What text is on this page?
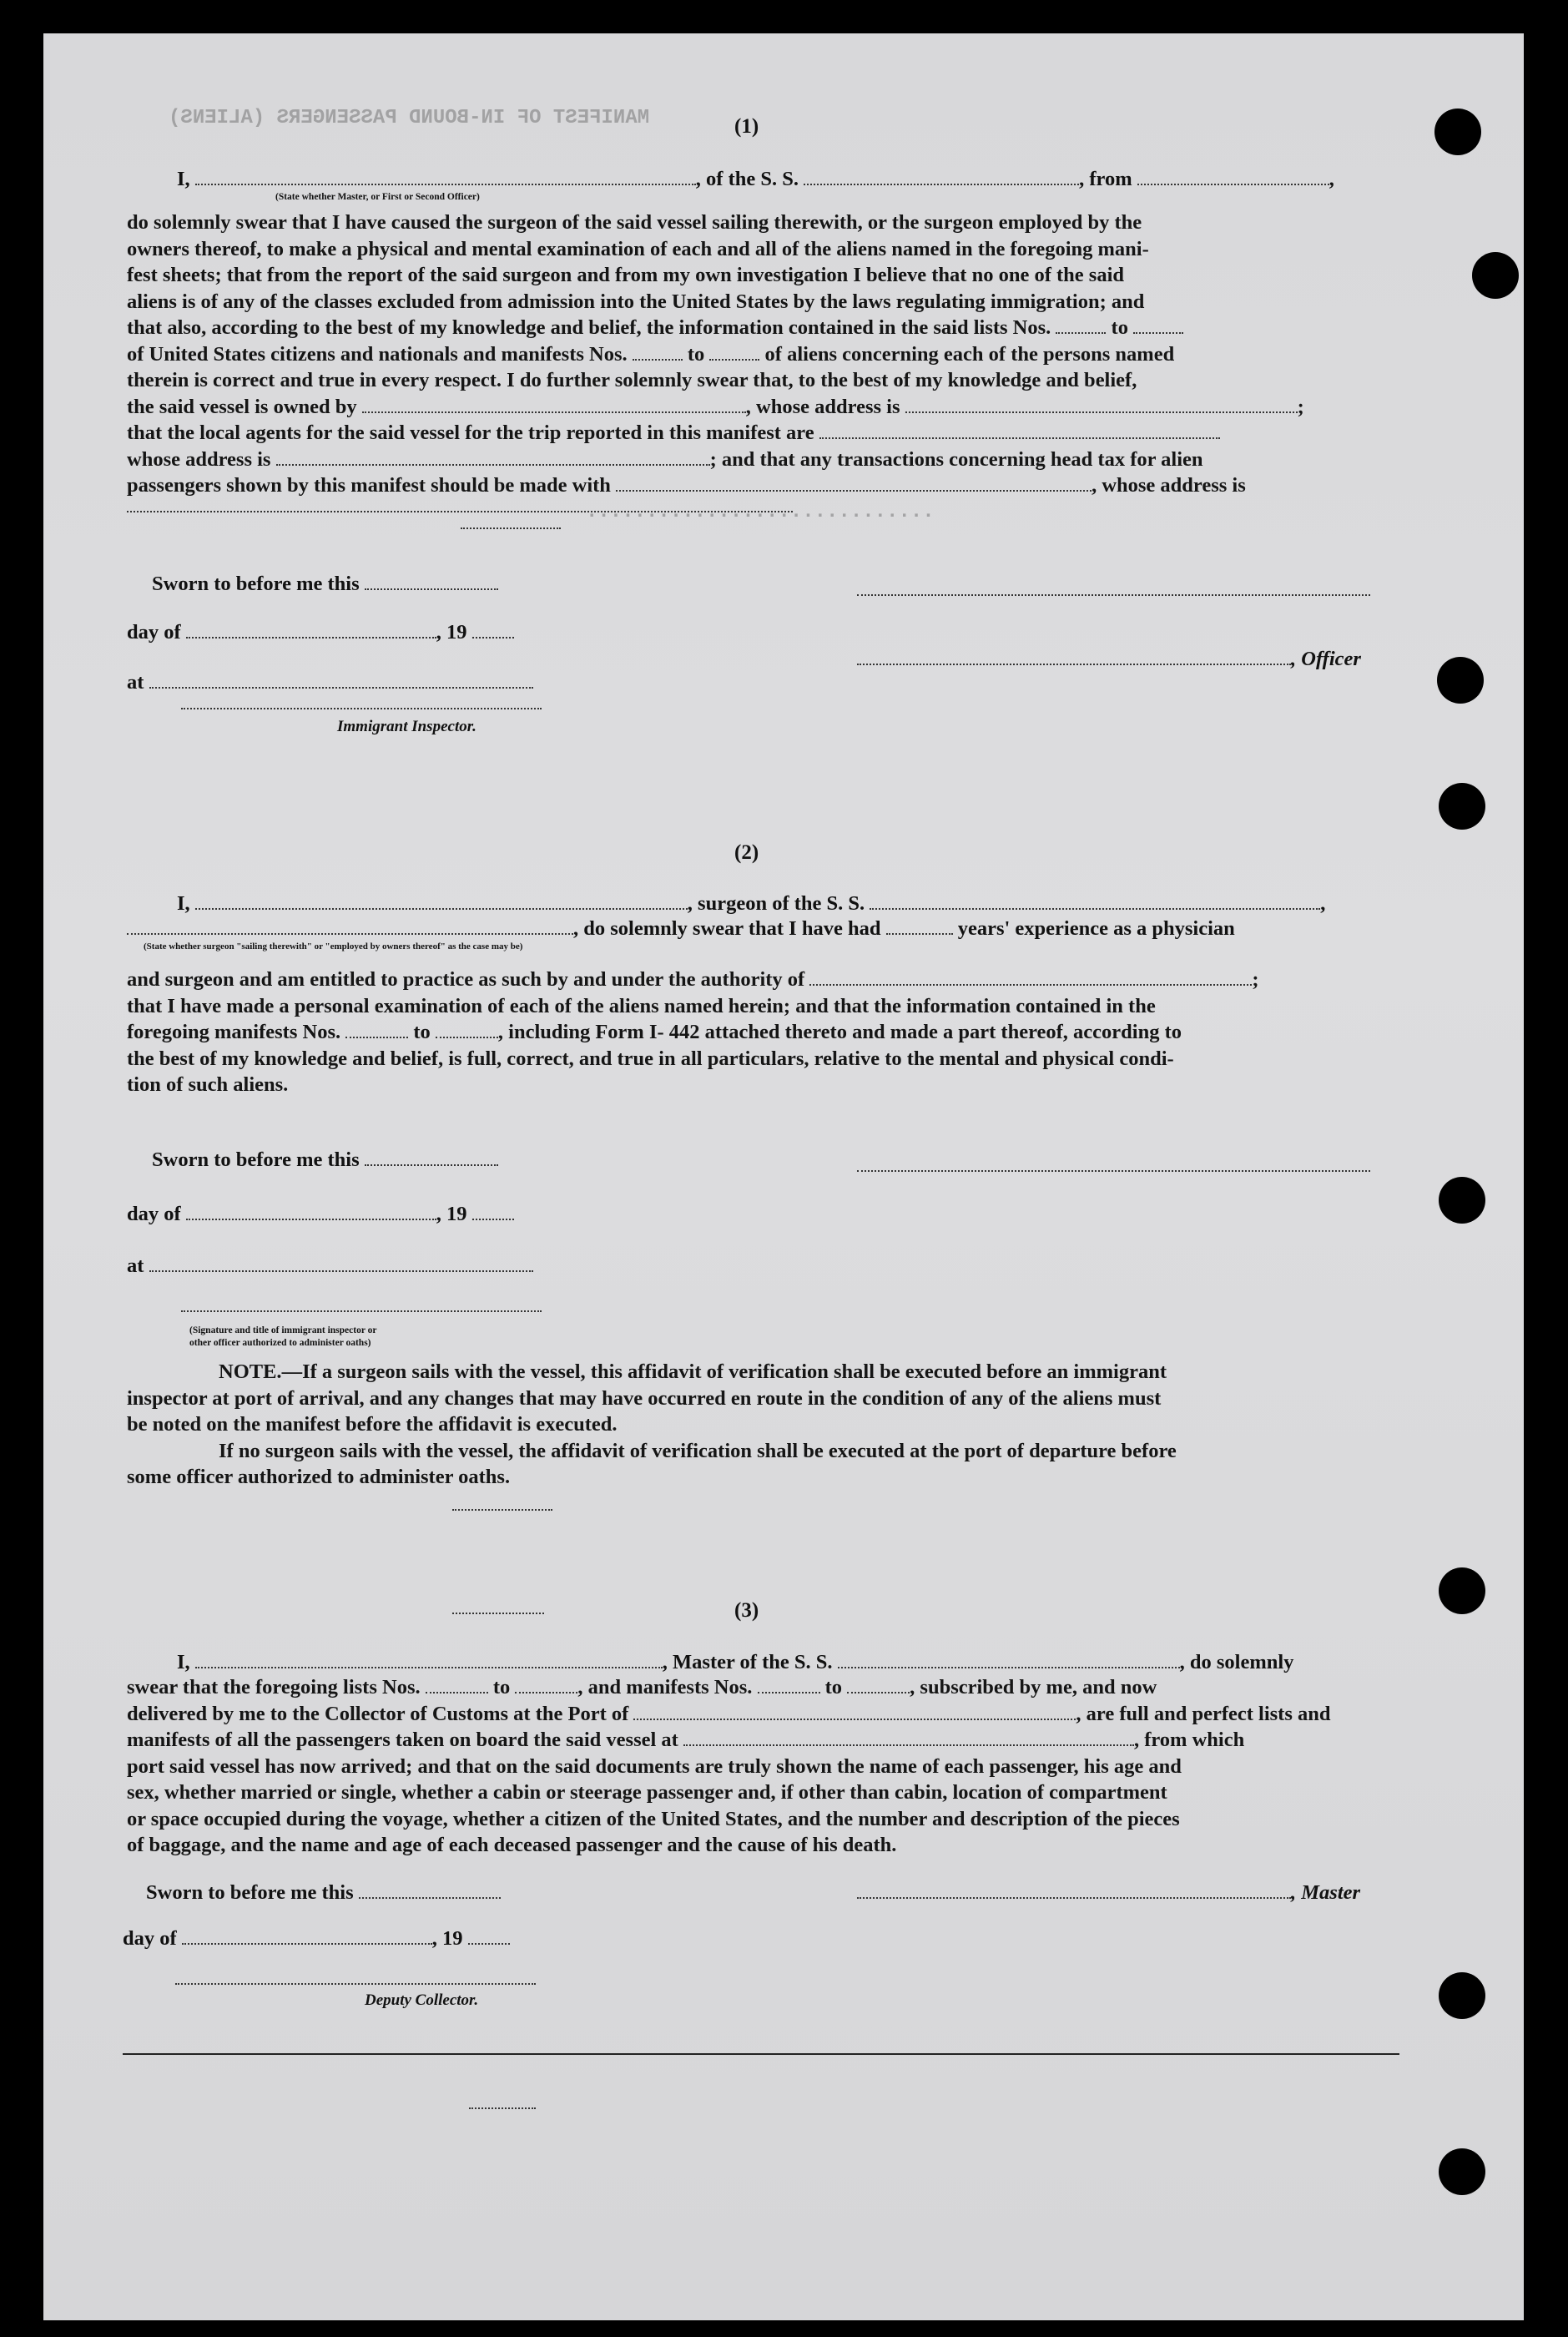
MANIFEST OF IN-BOUND PASSENGERS (ALIENS)
.............................
(1)
I,	, of the S. S.	, from	,
(State whether Master, or First or Second Officer)
do solemnly swear that I have caused the surgeon of the said vessel sailing therewith, or the surgeon employed by the
owners thereof, to make a physical and mental examination of each and all of the aliens named in the foregoing mani-
fest sheets; that from the report of the said surgeon and from my own investigation I believe that no one of the said
aliens is of any of the classes excluded from admission into the United States by the laws regulating immigration; and
that also, according to the best of my knowledge and belief, the information contained in the said lists Nos.	to
of United States citizens and nationals and manifests Nos.	to	of aliens concerning each of the persons named
therein is correct and true in every respect. I do further solemnly swear that, to the best of my knowledge and belief,
the said vessel is owned by	, whose address is	;
that the local agents for the said vessel for the trip reported in this manifest are
whose address is	; and that any transactions concerning head tax for alien
passengers shown by this manifest should be made with	, whose address is
Sworn to before me this
day of	, 19
, Officer
at
Immigrant Inspector.
(2)
I,	, surgeon of the S. S.	,
, do solemnly swear that I have had	years' experience as a physician
(State whether surgeon "sailing therewith" or "employed by owners thereof" as the case may be)
and surgeon and am entitled to practice as such by and under the authority of	;
that I have made a personal examination of each of the aliens named herein; and that the information contained in the
foregoing manifests Nos.	to	, including Form I- 442 attached thereto and made a part thereof, according to
the best of my knowledge and belief, is full, correct, and true in all particulars, relative to the mental and physical condi-
tion of such aliens.
Sworn to before me this
day of	, 19
at
(Signature and title of immigrant inspector or
other officer authorized to administer oaths)
NOTE.—If a surgeon sails with the vessel, this affidavit of verification shall be executed before an immigrant
inspector at port of arrival, and any changes that may have occurred en route in the condition of any of the aliens must
be noted on the manifest before the affidavit is executed.
If no surgeon sails with the vessel, the affidavit of verification shall be executed at the port of departure before
some officer authorized to administer oaths.
(3)
I,	, Master of the S. S.	, do solemnly
swear that the foregoing lists Nos.	to	, and manifests Nos.	to	, subscribed by me, and now
delivered by me to the Collector of Customs at the Port of	, are full and perfect lists and
manifests of all the passengers taken on board the said vessel at	, from which
port said vessel has now arrived; and that on the said documents are truly shown the name of each passenger, his age and
sex, whether married or single, whether a cabin or steerage passenger and, if other than cabin, location of compartment
or space occupied during the voyage, whether a citizen of the United States, and the number and description of the pieces
of baggage, and the name and age of each deceased passenger and the cause of his death.
Sworn to before me this	, Master
day of	, 19
Deputy Collector.
